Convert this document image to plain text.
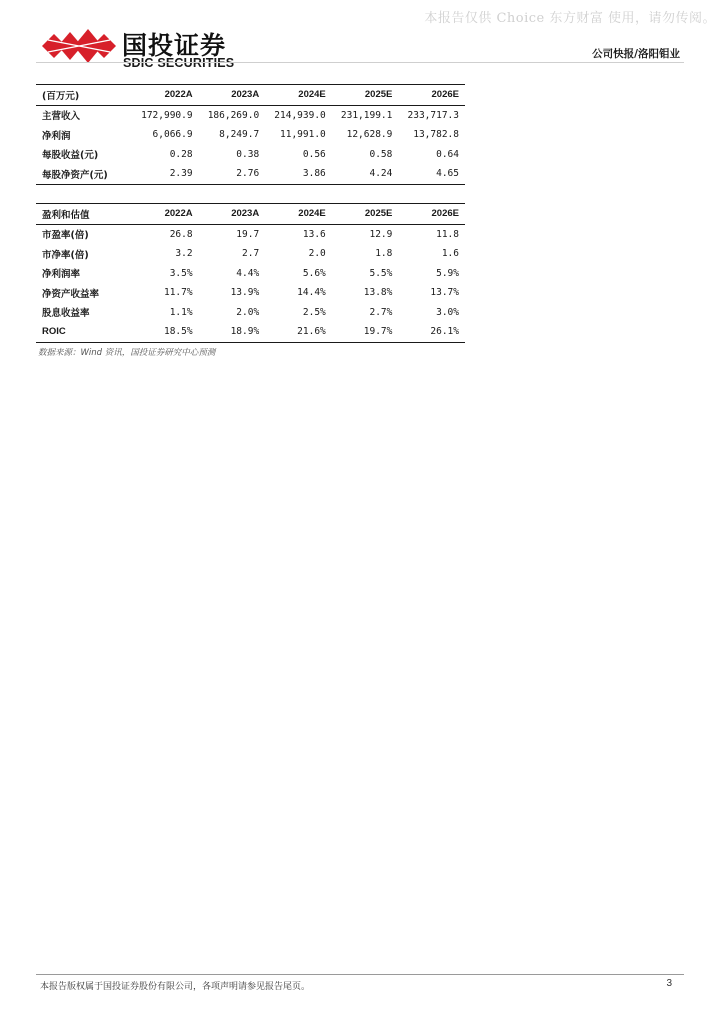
本报告仅供 Choice 东方财富 使用，请勿传阅。
国投证券
SDIC SECURITIES
公司快报/洛阳钼业
(百万元)	2022A	2023A	2024E	2025E	2026E
主营收入	172,990.9	186,269.0	214,939.0	231,199.1	233,717.3
净利润	6,066.9	8,249.7	11,991.0	12,628.9	13,782.8
每股收益(元)	0.28	0.38	0.56	0.58	0.64
每股净资产(元)	2.39	2.76	3.86	4.24	4.65
盈利和估值	2022A	2023A	2024E	2025E	2026E
市盈率(倍)	26.8	19.7	13.6	12.9	11.8
市净率(倍)	3.2	2.7	2.0	1.8	1.6
净利润率	3.5%	4.4%	5.6%	5.5%	5.9%
净资产收益率	11.7%	13.9%	14.4%	13.8%	13.7%
股息收益率	1.1%	2.0%	2.5%	2.7%	3.0%
ROIC	18.5%	18.9%	21.6%	19.7%	26.1%
数据来源：Wind 资讯，国投证券研究中心预测
本报告版权属于国投证券股份有限公司，各项声明请参见报告尾页。	3
